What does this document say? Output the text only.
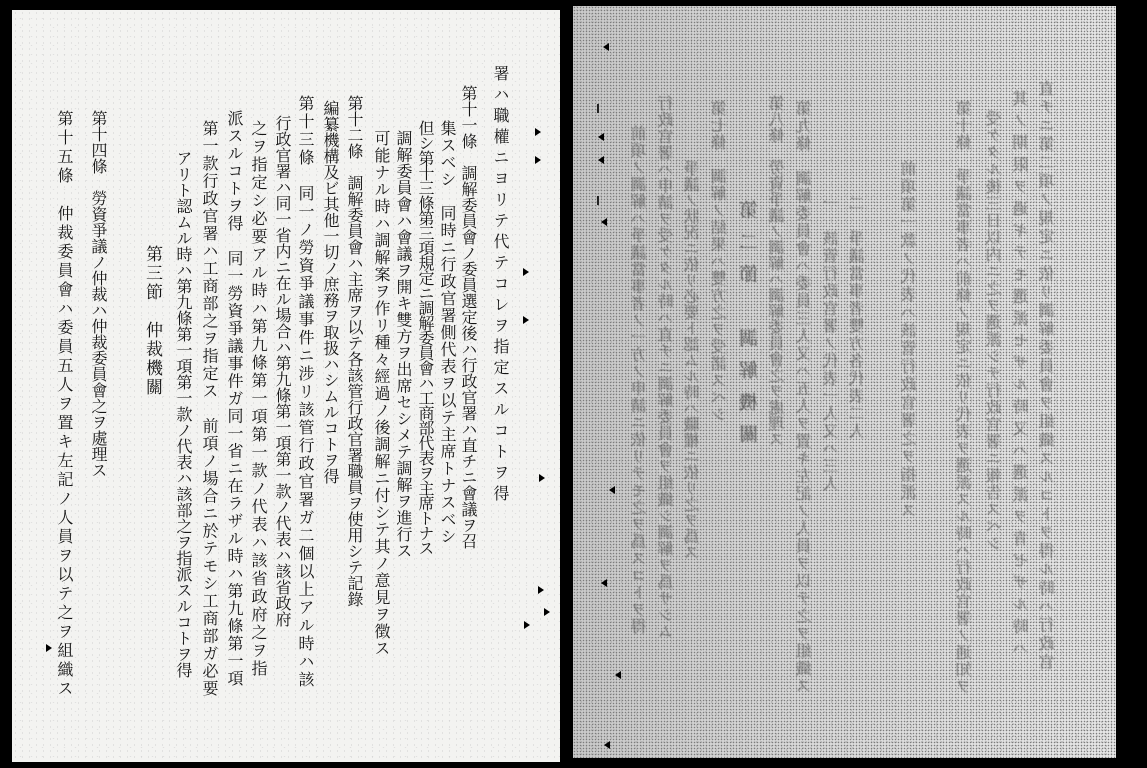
署ハ職權ニヨリテ代テコレヲ指定スルコトヲ得
第十一條　調解委員會ノ委員選定後ハ行政官署ハ直チニ會議ヲ召
集スベシ　同時ニ行政官署側代表ヲ以テ主席トナスベシ
但シ第十三條第三項規定ニ調解委員會ハ工商部代表ヲ主席トナス
調解委員會ハ會議ヲ開キ雙方ヲ出席セシメテ調解ヲ進行ス
可能ナル時ハ調解案ヲ作リ種々經過ノ後調解ニ付シテ其ノ意見ヲ徴ス
第十二條　調解委員會ハ主席ヲ以テ各該管行政官署職員ヲ使用シテ記錄
編纂機構及ビ其他一切ノ庶務ヲ取扱ハシムルコトヲ得
第十三條　同一ノ勞資爭議事件ニ涉リ該管行政官署ガ二個以上アル時ハ該
行政官署ハ同一省内ニ在ル場合ハ第九條第一項第一款ノ代表ハ該省政府
之ヲ指定シ必要アル時ハ第九條第一項第一款ノ代表ハ該省政府之ヲ指
派スルコトヲ得　同一勞資爭議事件ガ同一省ニ在ラザル時ハ第九條第一項
第一款行政官署ハ工商部之ヲ指定ス　前項ノ場合ニ於テモシ工商部ガ必要
アリト認ムル時ハ第九條第一項第一款ノ代表ハ該部之ヲ指派スルコトヲ得
第三節　仲裁機關
第十四條　勞資爭議ノ仲裁ハ仲裁委員會之ヲ處理ス
第十五條　仲裁委員會ハ委員五人ヲ置キ左記ノ人員ヲ以テ之ヲ組織ス	前項ノ調解ハ爭議當事者ノ一方ノ申請ニ依リテモ之ヲ爲スコトヲ得 行政官署ハ申請ヲ受ケタル時ハ直チニ調解委員會ヲ組織シ調解ヲ爲サシム 爭議ノ狀況ニ依リ必要ト認ムル時ハ職權ニ依リ之ヲ爲ス 第七條　調解ノ結果ハ雙方之ヲ受諾スベシ 第二節　調解機關 第八條　勞資爭議ノ調解ハ調解委員會之ヲ處理ス 第九條　調解委員會ハ委員三人又ハ五人ヲ置キ左記ノ人員ヲ以テ之ヲ組織ス 一　該管行政官署ノ代表一人又ハ三人 二　爭議當事者雙方各代表二人 前項第一款ノ代表ハ該管行政官署之ヲ指派ス 第十條　爭議當事者ハ前條ノ規定ニ依リ代表ヲ選派スル時ハ行政官署ノ通知ヲ 受ケタル後三日以内ニ之ヲ選派シテ行政官署ニ報告スベシ 其ノ期限ヲ過ギテモ選派セザル時又ハ選派ヲ肯ゼザル時ハ 直チニ第二項ノ規定ニ依リ調解委員會ヲ組織スルコトヲ得ル時ハ行政官
